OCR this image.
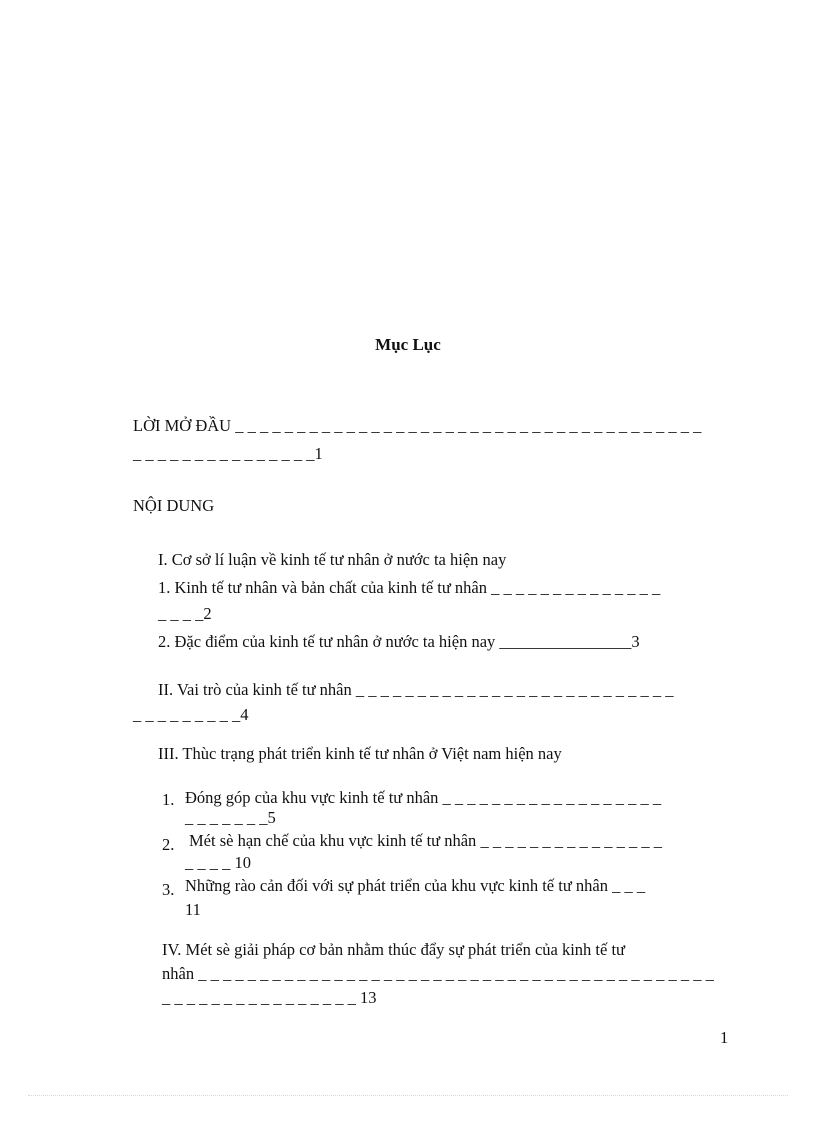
Mục Lục
LỜI MỞ ĐẦU _ _ _ _ _ _ _ _ _ _ _ _ _ _ _ _ _ _ _ _ _ _ _ _ _ _ _ _ _ _ _ _ _ _ _ _ _ _
_ _ _ _ _ _ _ _ _ _ _ _ _ _ _1
NỘI DUNG
I. Cơ sở lí luận về kinh tế tư nhân ở nước ta hiện nay
1. Kinh tế tư nhân và bản chất của kinh tế tư nhân _ _ _ _ _ _ _ _ _ _ _ _ _ _
_ _ _ _2
2. Đặc điểm của kinh tế tư nhân ở nước ta hiện nay ________________3
II. Vai trò của kinh tế tư nhân _ _ _ _ _ _ _ _ _ _ _ _ _ _ _ _ _ _ _ _ _ _ _ _ _ _
_ _ _ _ _ _ _ _ _4
III. Thùc trạng phát triển kinh tế tư nhân ở Việt nam hiện nay
1. Đóng góp của khu vực kinh tế tư nhân _ _ _ _ _ _ _ _ _ _ _ _ _ _ _ _ _ _
_ _ _ _ _ _ _5
2. Mét sè hạn chế của khu vực kinh tế tư nhân _ _ _ _ _ _ _ _ _ _ _ _ _ _ _
_ _ _ _ 10
3. Những rào cản đối với sự phát triển của khu vực kinh tế tư nhân _ _ _
11
IV. Mét sè giải pháp cơ bản nhằm thúc đẩy sự phát triển của kinh tế tư
nhân _ _ _ _ _ _ _ _ _ _ _ _ _ _ _ _ _ _ _ _ _ _ _ _ _ _ _ _ _ _ _ _ _ _ _ _ _ _ _ _ _ _
_ _ _ _ _ _ _ _ _ _ _ _ _ _ _ _ 13
1
